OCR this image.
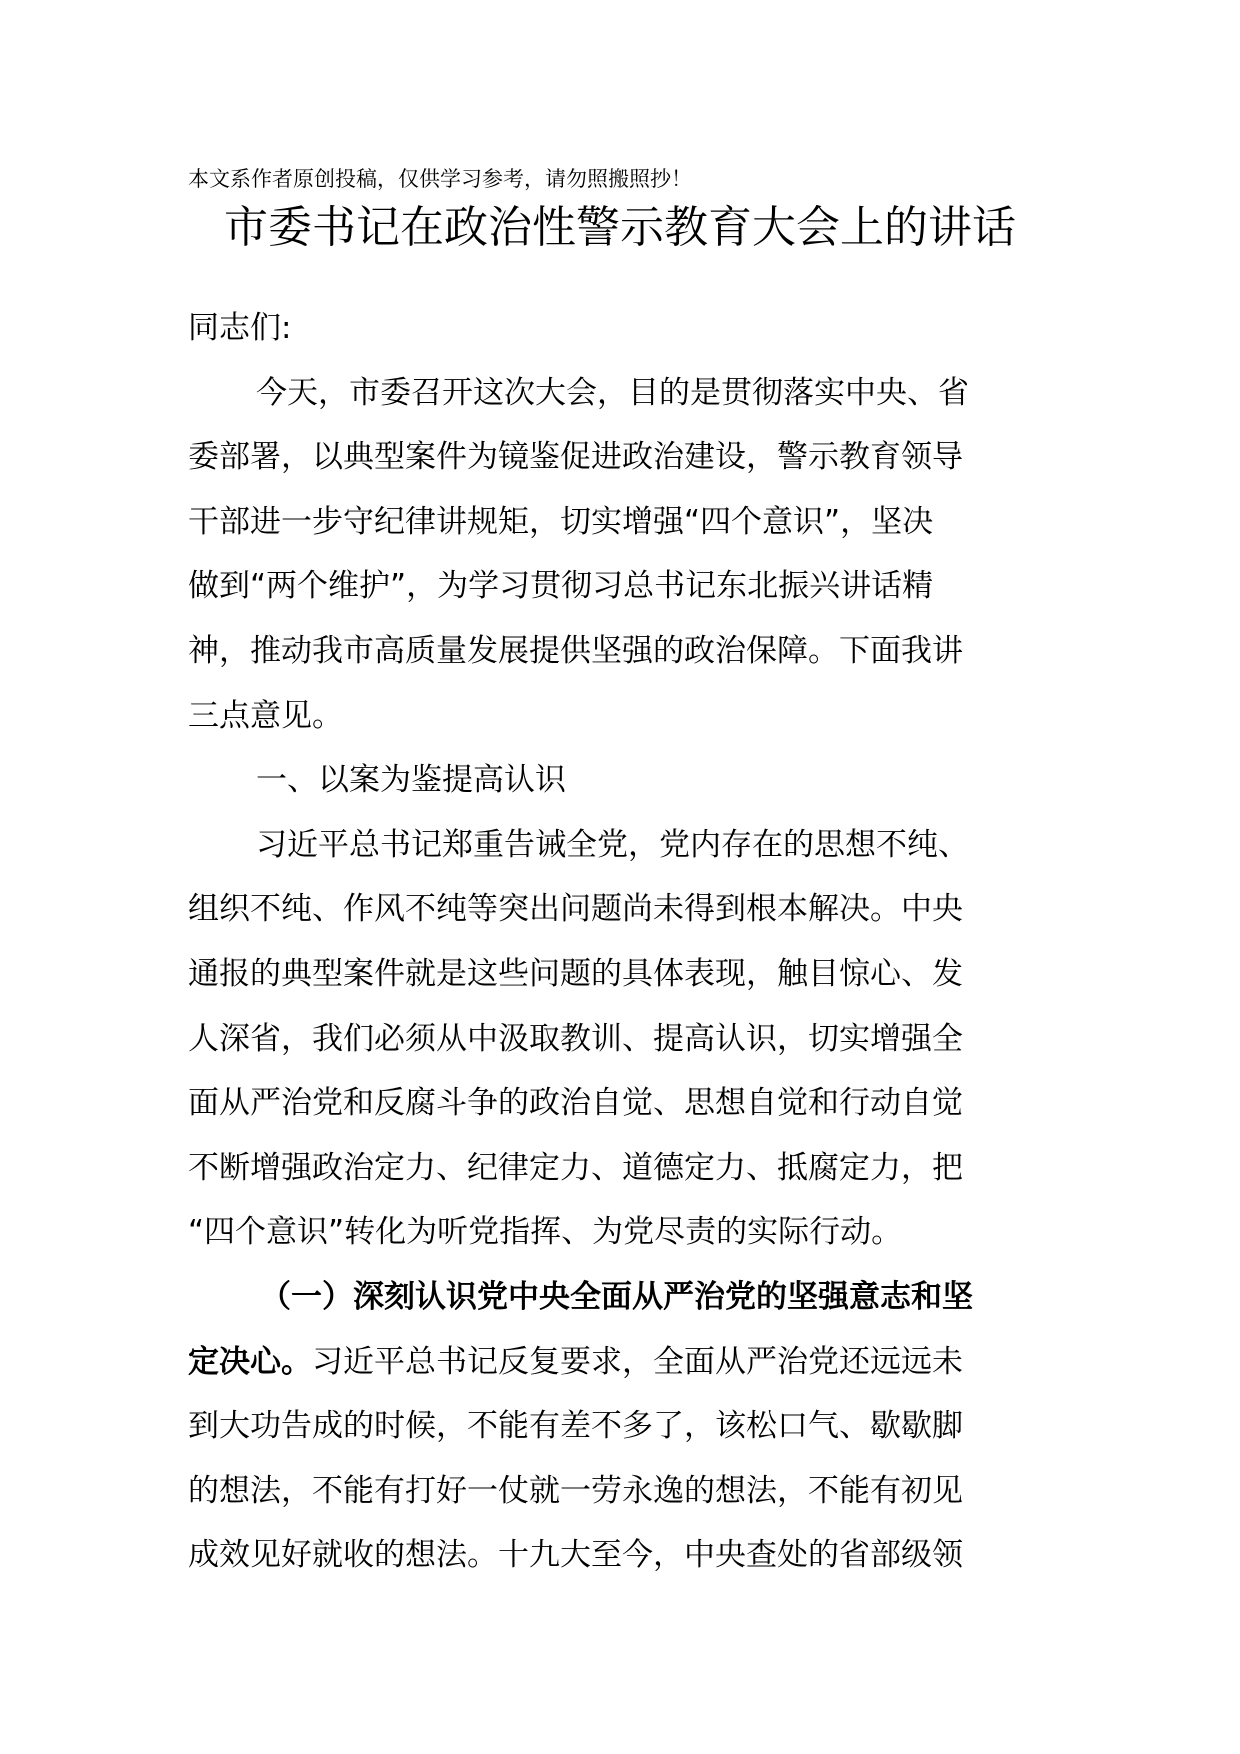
本文系作者原创投稿，仅供学习参考，请勿照搬照抄！
市委书记在政治性警示教育大会上的讲话

同志们:

今天，市委召开这次大会，目的是贯彻落实中央、省

委部署，以典型案件为镜鉴促进政治建设，警示教育领导

干部进一步守纪律讲规矩，切实增强“四个意识”，坚决

做到“两个维护”，为学习贯彻习总书记东北振兴讲话精

神，推动我市高质量发展提供坚强的政治保障。下面我讲

三点意见。

一、以案为鉴提高认识

习近平总书记郑重告诫全党，党内存在的思想不纯、

组织不纯、作风不纯等突出问题尚未得到根本解决。中央

通报的典型案件就是这些问题的具体表现，触目惊心、发

人深省，我们必须从中汲取教训、提高认识，切实增强全

面从严治党和反腐斗争的政治自觉、思想自觉和行动自觉

不断增强政治定力、纪律定力、道德定力、抵腐定力，把

“四个意识”转化为听党指挥、为党尽责的实际行动。

（一）深刻认识党中央全面从严治党的坚强意志和坚

定决心。习近平总书记反复要求，全面从严治党还远远未

到大功告成的时候，不能有差不多了，该松口气、歇歇脚

的想法，不能有打好一仗就一劳永逸的想法，不能有初见

成效见好就收的想法。十九大至今，中央查处的省部级领
